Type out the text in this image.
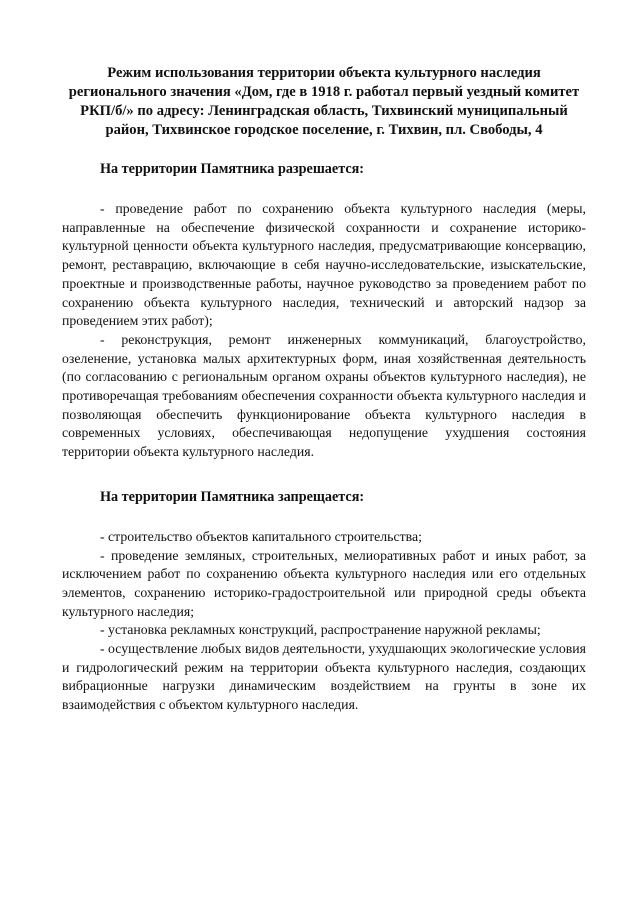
Режим использования территории объекта культурного наследия регионального значения «Дом, где в 1918 г. работал первый уездный комитет РКП/б/» по адресу: Ленинградская область, Тихвинский муниципальный район, Тихвинское городское поселение, г. Тихвин, пл. Свободы, 4
На территории Памятника разрешается:

- проведение работ по сохранению объекта культурного наследия (меры, направленные на обеспечение физической сохранности и сохранение историко-культурной ценности объекта культурного наследия, предусматривающие консервацию, ремонт, реставрацию, включающие в себя научно-исследовательские, изыскательские, проектные и производственные работы, научное руководство за проведением работ по сохранению объекта культурного наследия, технический и авторский надзор за проведением этих работ);

- реконструкция, ремонт инженерных коммуникаций, благоустройство, озеленение, установка малых архитектурных форм, иная хозяйственная деятельность (по согласованию с региональным органом охраны объектов культурного наследия), не противоречащая требованиям обеспечения сохранности объекта культурного наследия и позволяющая обеспечить функционирование объекта культурного наследия в современных условиях, обеспечивающая недопущение ухудшения состояния территории объекта культурного наследия.

На территории Памятника запрещается:

- строительство объектов капитального строительства;

- проведение земляных, строительных, мелиоративных работ и иных работ, за исключением работ по сохранению объекта культурного наследия или его отдельных элементов, сохранению историко-градостроительной или природной среды объекта культурного наследия;

- установка рекламных конструкций, распространение наружной рекламы;

- осуществление любых видов деятельности, ухудшающих экологические условия и гидрологический режим на территории объекта культурного наследия, создающих вибрационные нагрузки динамическим воздействием на грунты в зоне их взаимодействия с объектом культурного наследия.
